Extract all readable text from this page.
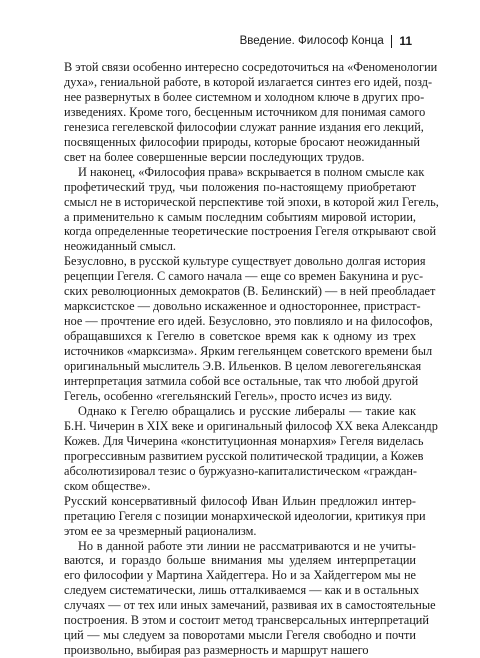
Введение. Философ Конца 11

В этой связи особенно интересно сосредоточиться на «Феноменологии
духа», гениальной работе, в которой излагается синтез его идей, позд-
нее развернутых в более системном и холодном ключе в других про-
изведениях. Кроме того, бесценным источником для понимая самого
генезиса гегелевской философии служат ранние издания его лекций,
посвященных философии природы, которые бросают неожиданный
свет на более совершенные версии последующих трудов.

И наконец, «Философия права» вскрывается в полном смысле как
профетический труд, чьи положения по-настоящему приобретают
смысл не в исторической перспективе той эпохи, в которой жил Гегель,
а применительно к самым последним событиям мировой истории,
когда определенные теоретические построения Гегеля открывают свой
неожиданный смысл.

Безусловно, в русской культуре существует довольно долгая история
рецепции Гегеля. С самого начала — еще со времен Бакунина и рус-
ских революционных демократов (В. Белинский) — в ней преобладает
марксистское — довольно искаженное и одностороннее, пристраст-
ное — прочтение его идей. Безусловно, это повлияло и на философов,
обращавшихся к Гегелю в советское время как к одному из трех
источников «марксизма». Ярким гегельянцем советского времени был
оригинальный мыслитель Э.В. Ильенков. В целом левогегельянская
интерпретация затмила собой все остальные, так что любой другой
Гегель, особенно «гегельянский Гегель», просто исчез из виду.

Однако к Гегелю обращались и русские либералы — такие как
Б.Н. Чичерин в XIX веке и оригинальный философ XX века Александр
Кожев. Для Чичерина «конституционная монархия» Гегеля виделась
прогрессивным развитием русской политической традиции, а Кожев
абсолютизировал тезис о буржуазно-капиталистическом «граждан-
ском обществе».

Русский консервативный философ Иван Ильин предложил интер-
претацию Гегеля с позиции монархической идеологии, критикуя при
этом ее за чрезмерный рационализм.

Но в данной работе эти линии не рассматриваются и не учиты-
ваются, и гораздо больше внимания мы уделяем интерпретации
его философии у Мартина Хайдеггера. Но и за Хайдеггером мы не
следуем систематически, лишь отталкиваемся — как и в остальных
случаях — от тех или иных замечаний, развивая их в самостоятельные
построения. В этом и состоит метод трансверсальных интерпретаций
ций — мы следуем за поворотами мысли Гегеля свободно и почти
произвольно, выбирая раз размерность и маршрут нашего
